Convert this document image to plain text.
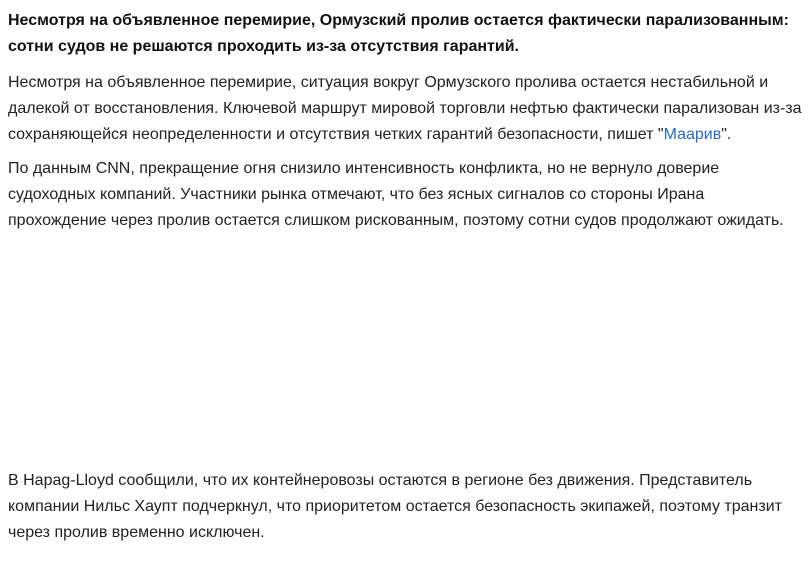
Несмотря на объявленное перемирие, Ормузский пролив остается фактически парализованным: сотни судов не решаются проходить из-за отсутствия гарантий.

Несмотря на объявленное перемирие, ситуация вокруг Ормузского пролива остается нестабильной и далекой от восстановления. Ключевой маршрут мировой торговли нефтью фактически парализован из-за сохраняющейся неопределенности и отсутствия четких гарантий безопасности, пишет "Маарив".

По данным CNN, прекращение огня снизило интенсивность конфликта, но не вернуло доверие судоходных компаний. Участники рынка отмечают, что без ясных сигналов со стороны Ирана прохождение через пролив остается слишком рискованным, поэтому сотни судов продолжают ожидать.

В Hapag-Lloyd сообщили, что их контейнеровозы остаются в регионе без движения. Представитель компании Нильс Хаупт подчеркнул, что приоритетом остается безопасность экипажей, поэтому транзит через пролив временно исключен.
